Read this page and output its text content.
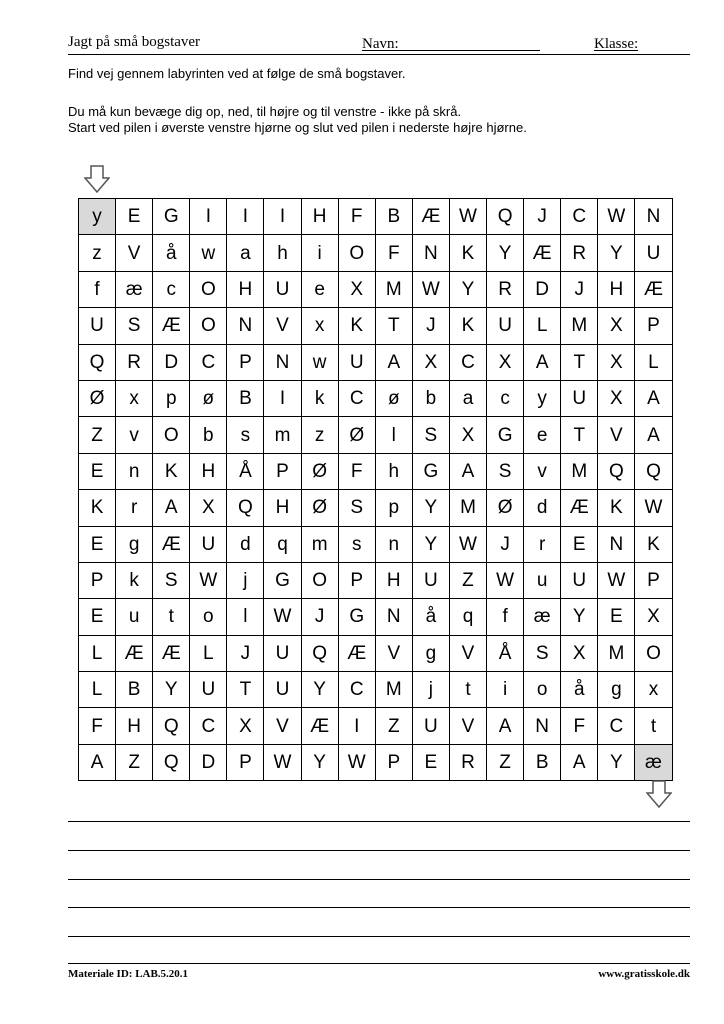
Jagt på små bogstaver	Navn:	Klasse:
Find vej gennem labyrinten ved at følge de små bogstaver.
Du må kun bevæge dig op, ned, til højre og til venstre - ikke på skrå.
Start ved pilen i øverste venstre hjørne og slut ved pilen i nederste højre hjørne.
y	E	G	I	I	I	H	F	B	Æ	W	Q	J	C	W	N
z	V	å	w	a	h	i	O	F	N	K	Y	Æ	R	Y	U
f	æ	c	O	H	U	e	X	M	W	Y	R	D	J	H	Æ
U	S	Æ	O	N	V	x	K	T	J	K	U	L	M	X	P
Q	R	D	C	P	N	w	U	A	X	C	X	A	T	X	L
Ø	x	p	ø	B	I	k	C	ø	b	a	c	y	U	X	A
Z	v	O	b	s	m	z	Ø	l	S	X	G	e	T	V	A
E	n	K	H	Å	P	Ø	F	h	G	A	S	v	M	Q	Q
K	r	A	X	Q	H	Ø	S	p	Y	M	Ø	d	Æ	K	W
E	g	Æ	U	d	q	m	s	n	Y	W	J	r	E	N	K
P	k	S	W	j	G	O	P	H	U	Z	W	u	U	W	P
E	u	t	o	l	W	J	G	N	å	q	f	æ	Y	E	X
L	Æ	Æ	L	J	U	Q	Æ	V	g	V	Å	S	X	M	O
L	B	Y	U	T	U	Y	C	M	j	t	i	o	å	g	x
F	H	Q	C	X	V	Æ	I	Z	U	V	A	N	F	C	t
A	Z	Q	D	P	W	Y	W	P	E	R	Z	B	A	Y	æ
Materiale ID: LAB.5.20.1	www.gratisskole.dk
